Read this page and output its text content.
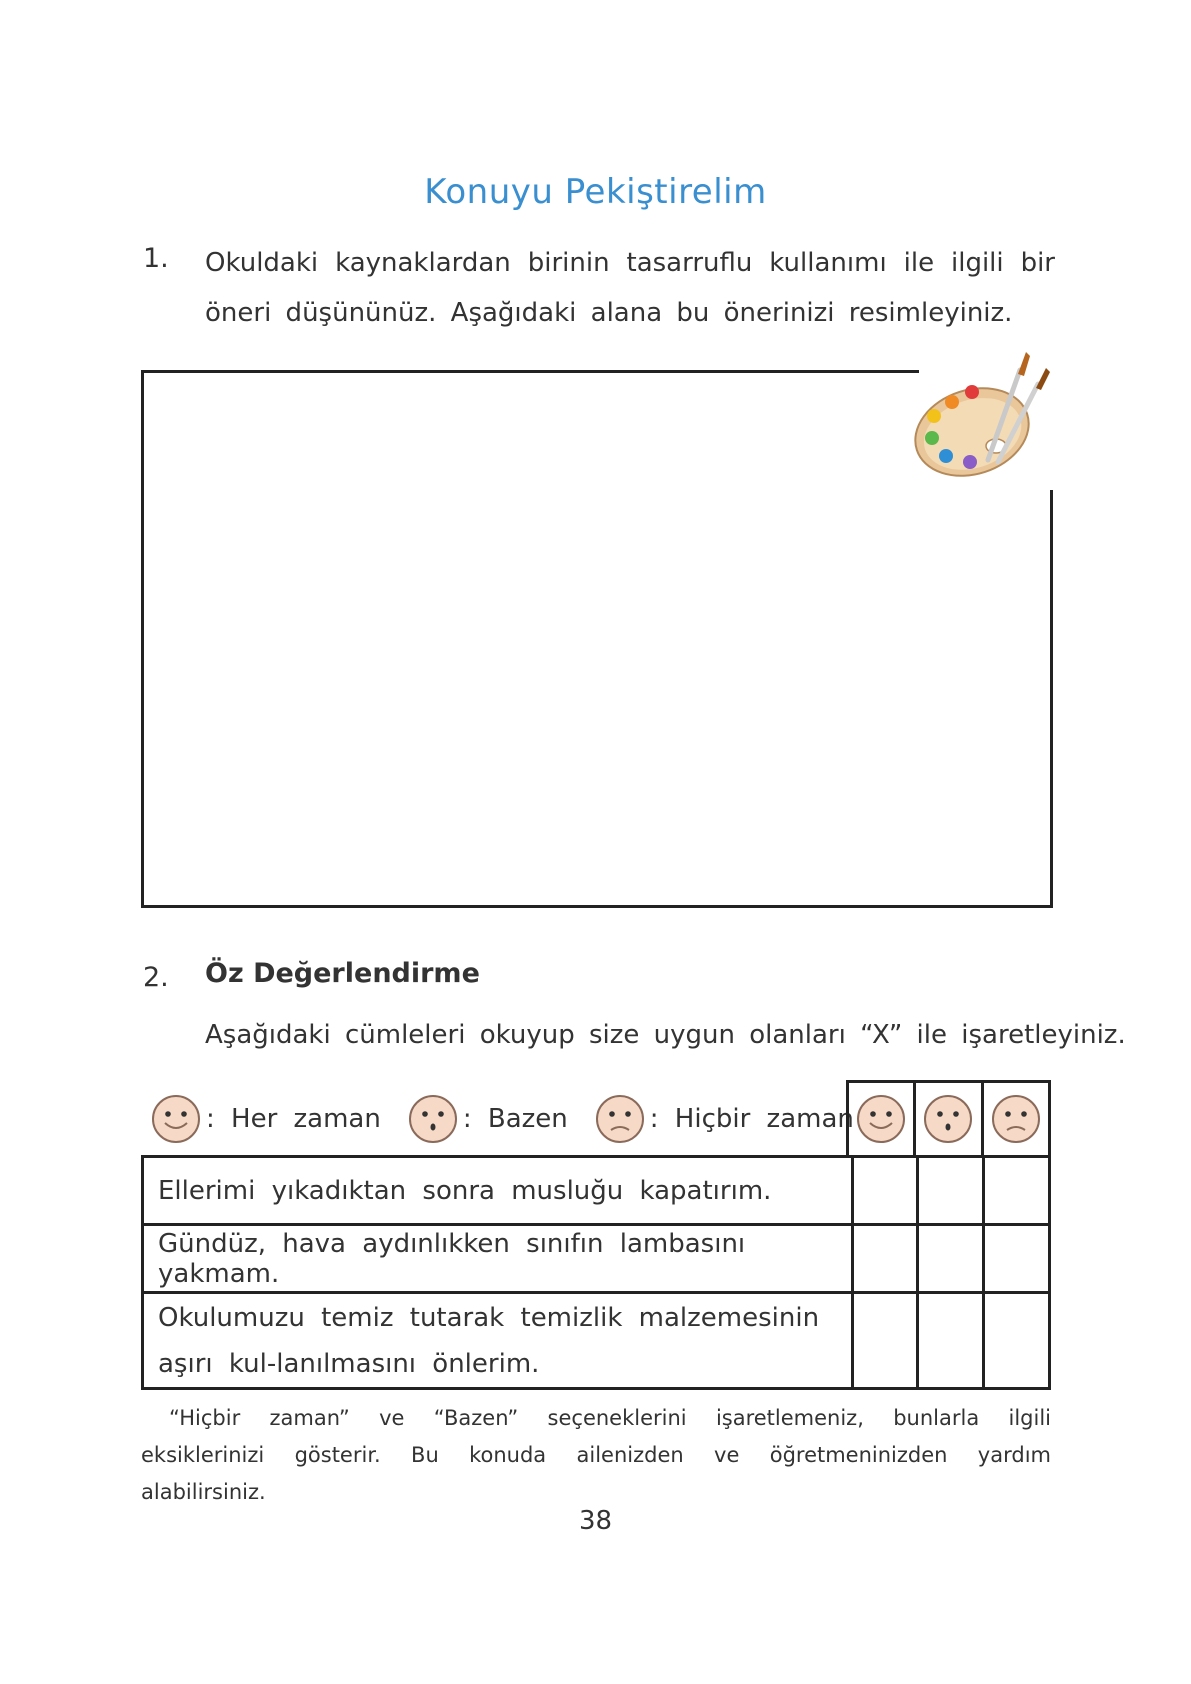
Konuyu Pekiştirelim
1. Okuldaki kaynaklardan birinin tasarruflu kullanımı ile ilgili bir öneri düşününüz. Aşağıdaki alana bu önerinizi resimleyiniz.
2. Öz Değerlendirme
Aşağıdaki cümleleri okuyup size uygun olanları “X” ile işaretleyiniz.
: Her zaman	: Bazen	: Hiçbir zaman
Ellerimi yıkadıktan sonra musluğu kapatırım.			
Gündüz, hava aydınlıkken sınıfın lambasını yakmam.			
Okulumuzu temiz tutarak temizlik malzemesinin aşırı kul-lanılmasını önlerim.			
“Hiçbir zaman” ve “Bazen” seçeneklerini işaretlemeniz, bunlarla ilgili eksiklerinizi gösterir. Bu konuda ailenizden ve öğretmeninizden yardım alabilirsiniz.
38
